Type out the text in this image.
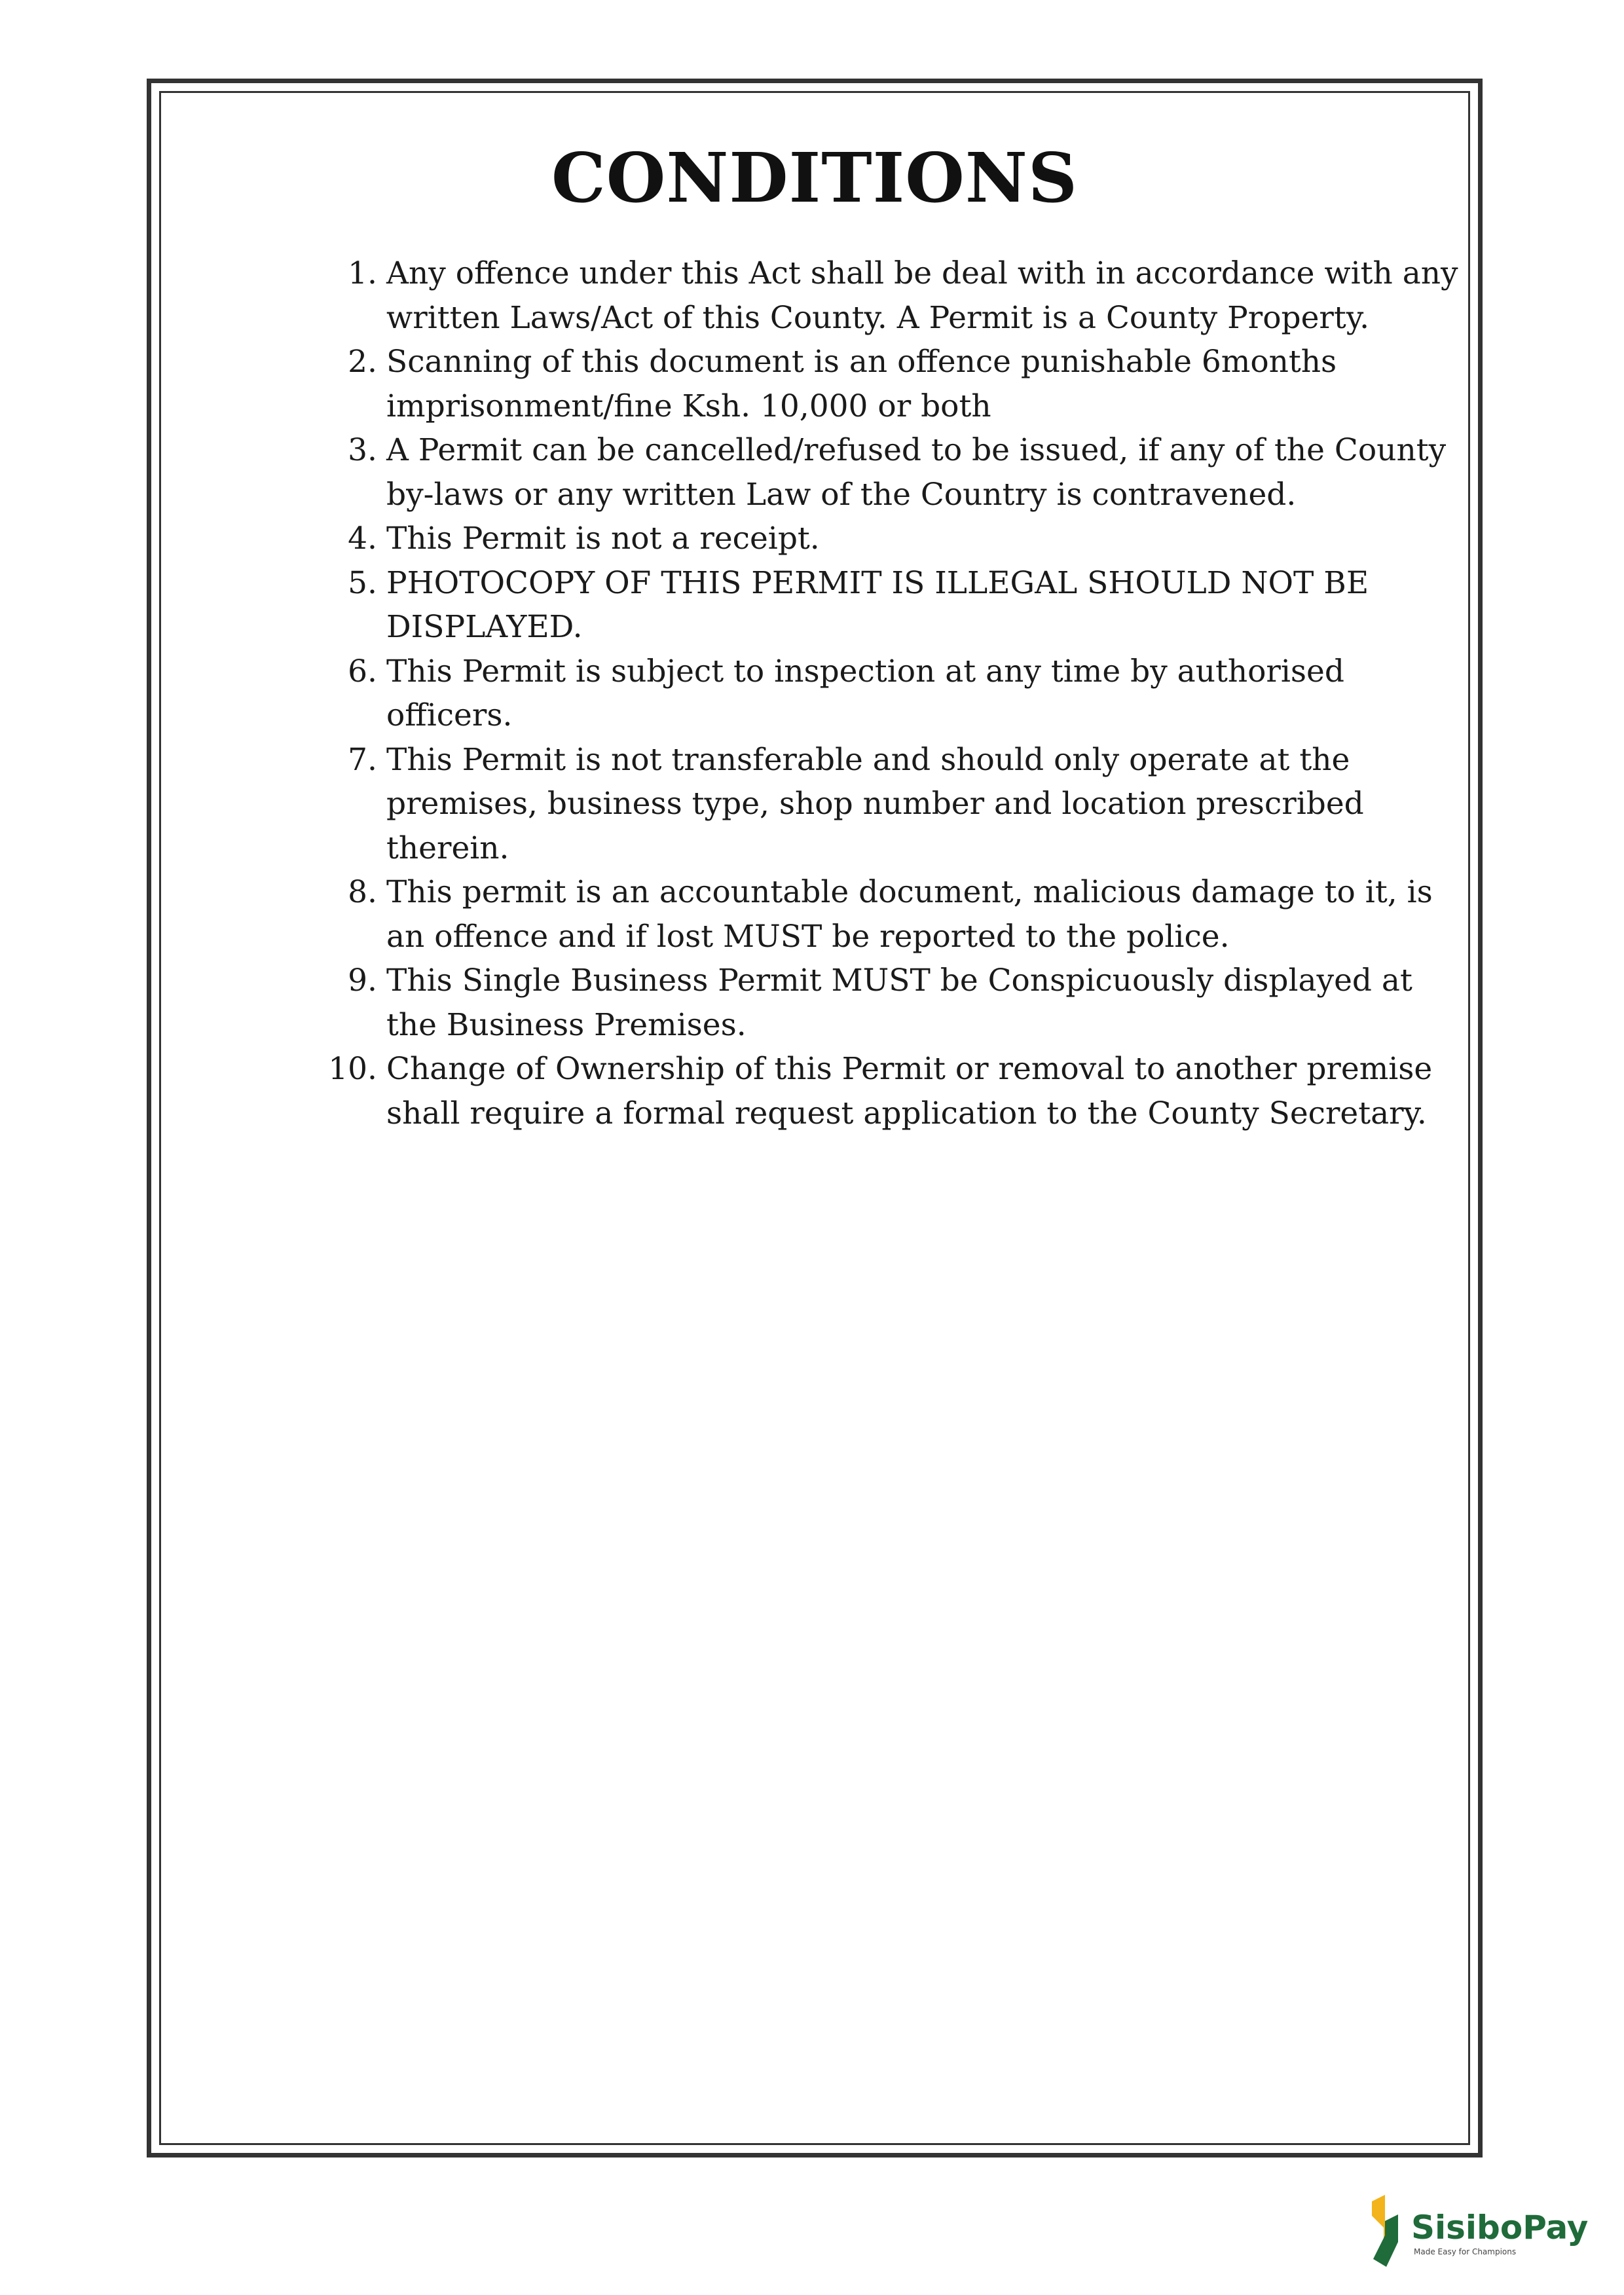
CONDITIONS
1. Any offence under this Act shall be deal with in accordance with any written Laws/Act of this County. A Permit is a County Property.
2. Scanning of this document is an offence punishable 6months imprisonment/fine Ksh. 10,000 or both
3. A Permit can be cancelled/refused to be issued, if any of the County by-laws or any written Law of the Country is contravened.
4. This Permit is not a receipt.
5. PHOTOCOPY OF THIS PERMIT IS ILLEGAL SHOULD NOT BE DISPLAYED.
6. This Permit is subject to inspection at any time by authorised officers.
7. This Permit is not transferable and should only operate at the premises, business type, shop number and location prescribed therein.
8. This permit is an accountable document, malicious damage to it, is an offence and if lost MUST be reported to the police.
9. This Single Business Permit MUST be Conspicuously displayed at the Business Premises.
10. Change of Ownership of this Permit or removal to another premise shall require a formal request application to the County Secretary.
SisiboPay
Made Easy for Champions
